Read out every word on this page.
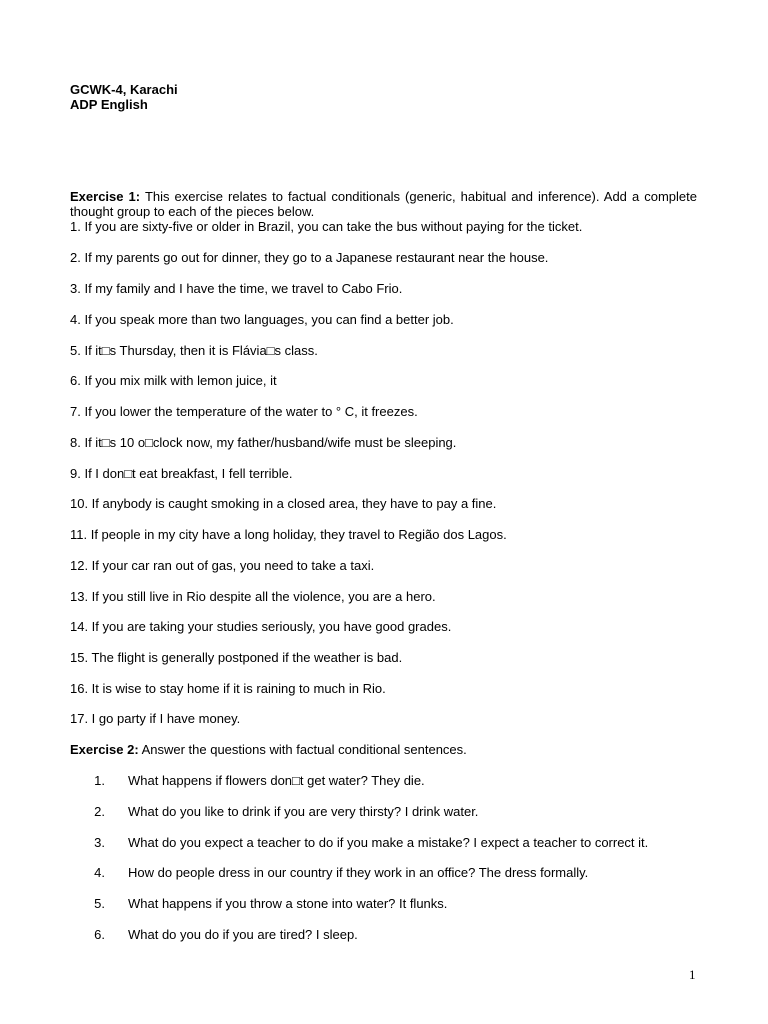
GCWK-4, Karachi
ADP English
Exercise 1: This exercise relates to factual conditionals (generic, habitual and inference). Add a complete thought group to each of the pieces below.
1. If you are sixty-five or older in Brazil, you can take the bus without paying for the ticket.
2. If my parents go out for dinner, they go to a Japanese restaurant near the house.
3. If my family and I have the time, we travel to Cabo Frio.
4. If you speak more than two languages, you can find a better job.
5. If it□s Thursday, then it is Flávia□s class.
6. If you mix milk with lemon juice, it
7. If you lower the temperature of the water to ° C, it freezes.
8. If it□s 10 o□clock now, my father/husband/wife must be sleeping.
9. If I don□t eat breakfast, I fell terrible.
10. If anybody is caught smoking in a closed area, they have to pay a fine.
11. If people in my city have a long holiday, they travel to Região dos Lagos.
12. If your car ran out of gas, you need to take a taxi.
13. If you still live in Rio despite all the violence, you are a hero.
14. If you are taking your studies seriously, you have good grades.
15. The flight is generally postponed if the weather is bad.
16. It is wise to stay home if it is raining to much in Rio.
17. I go party if I have money.
Exercise 2: Answer the questions with factual conditional sentences.
1. What happens if flowers don□t get water? They die.
2. What do you like to drink if you are very thirsty? I drink water.
3. What do you expect a teacher to do if you make a mistake? I expect a teacher to correct it.
4. How do people dress in our country if they work in an office? The dress formally.
5. What happens if you throw a stone into water? It flunks.
6. What do you do if you are tired? I sleep.
1
